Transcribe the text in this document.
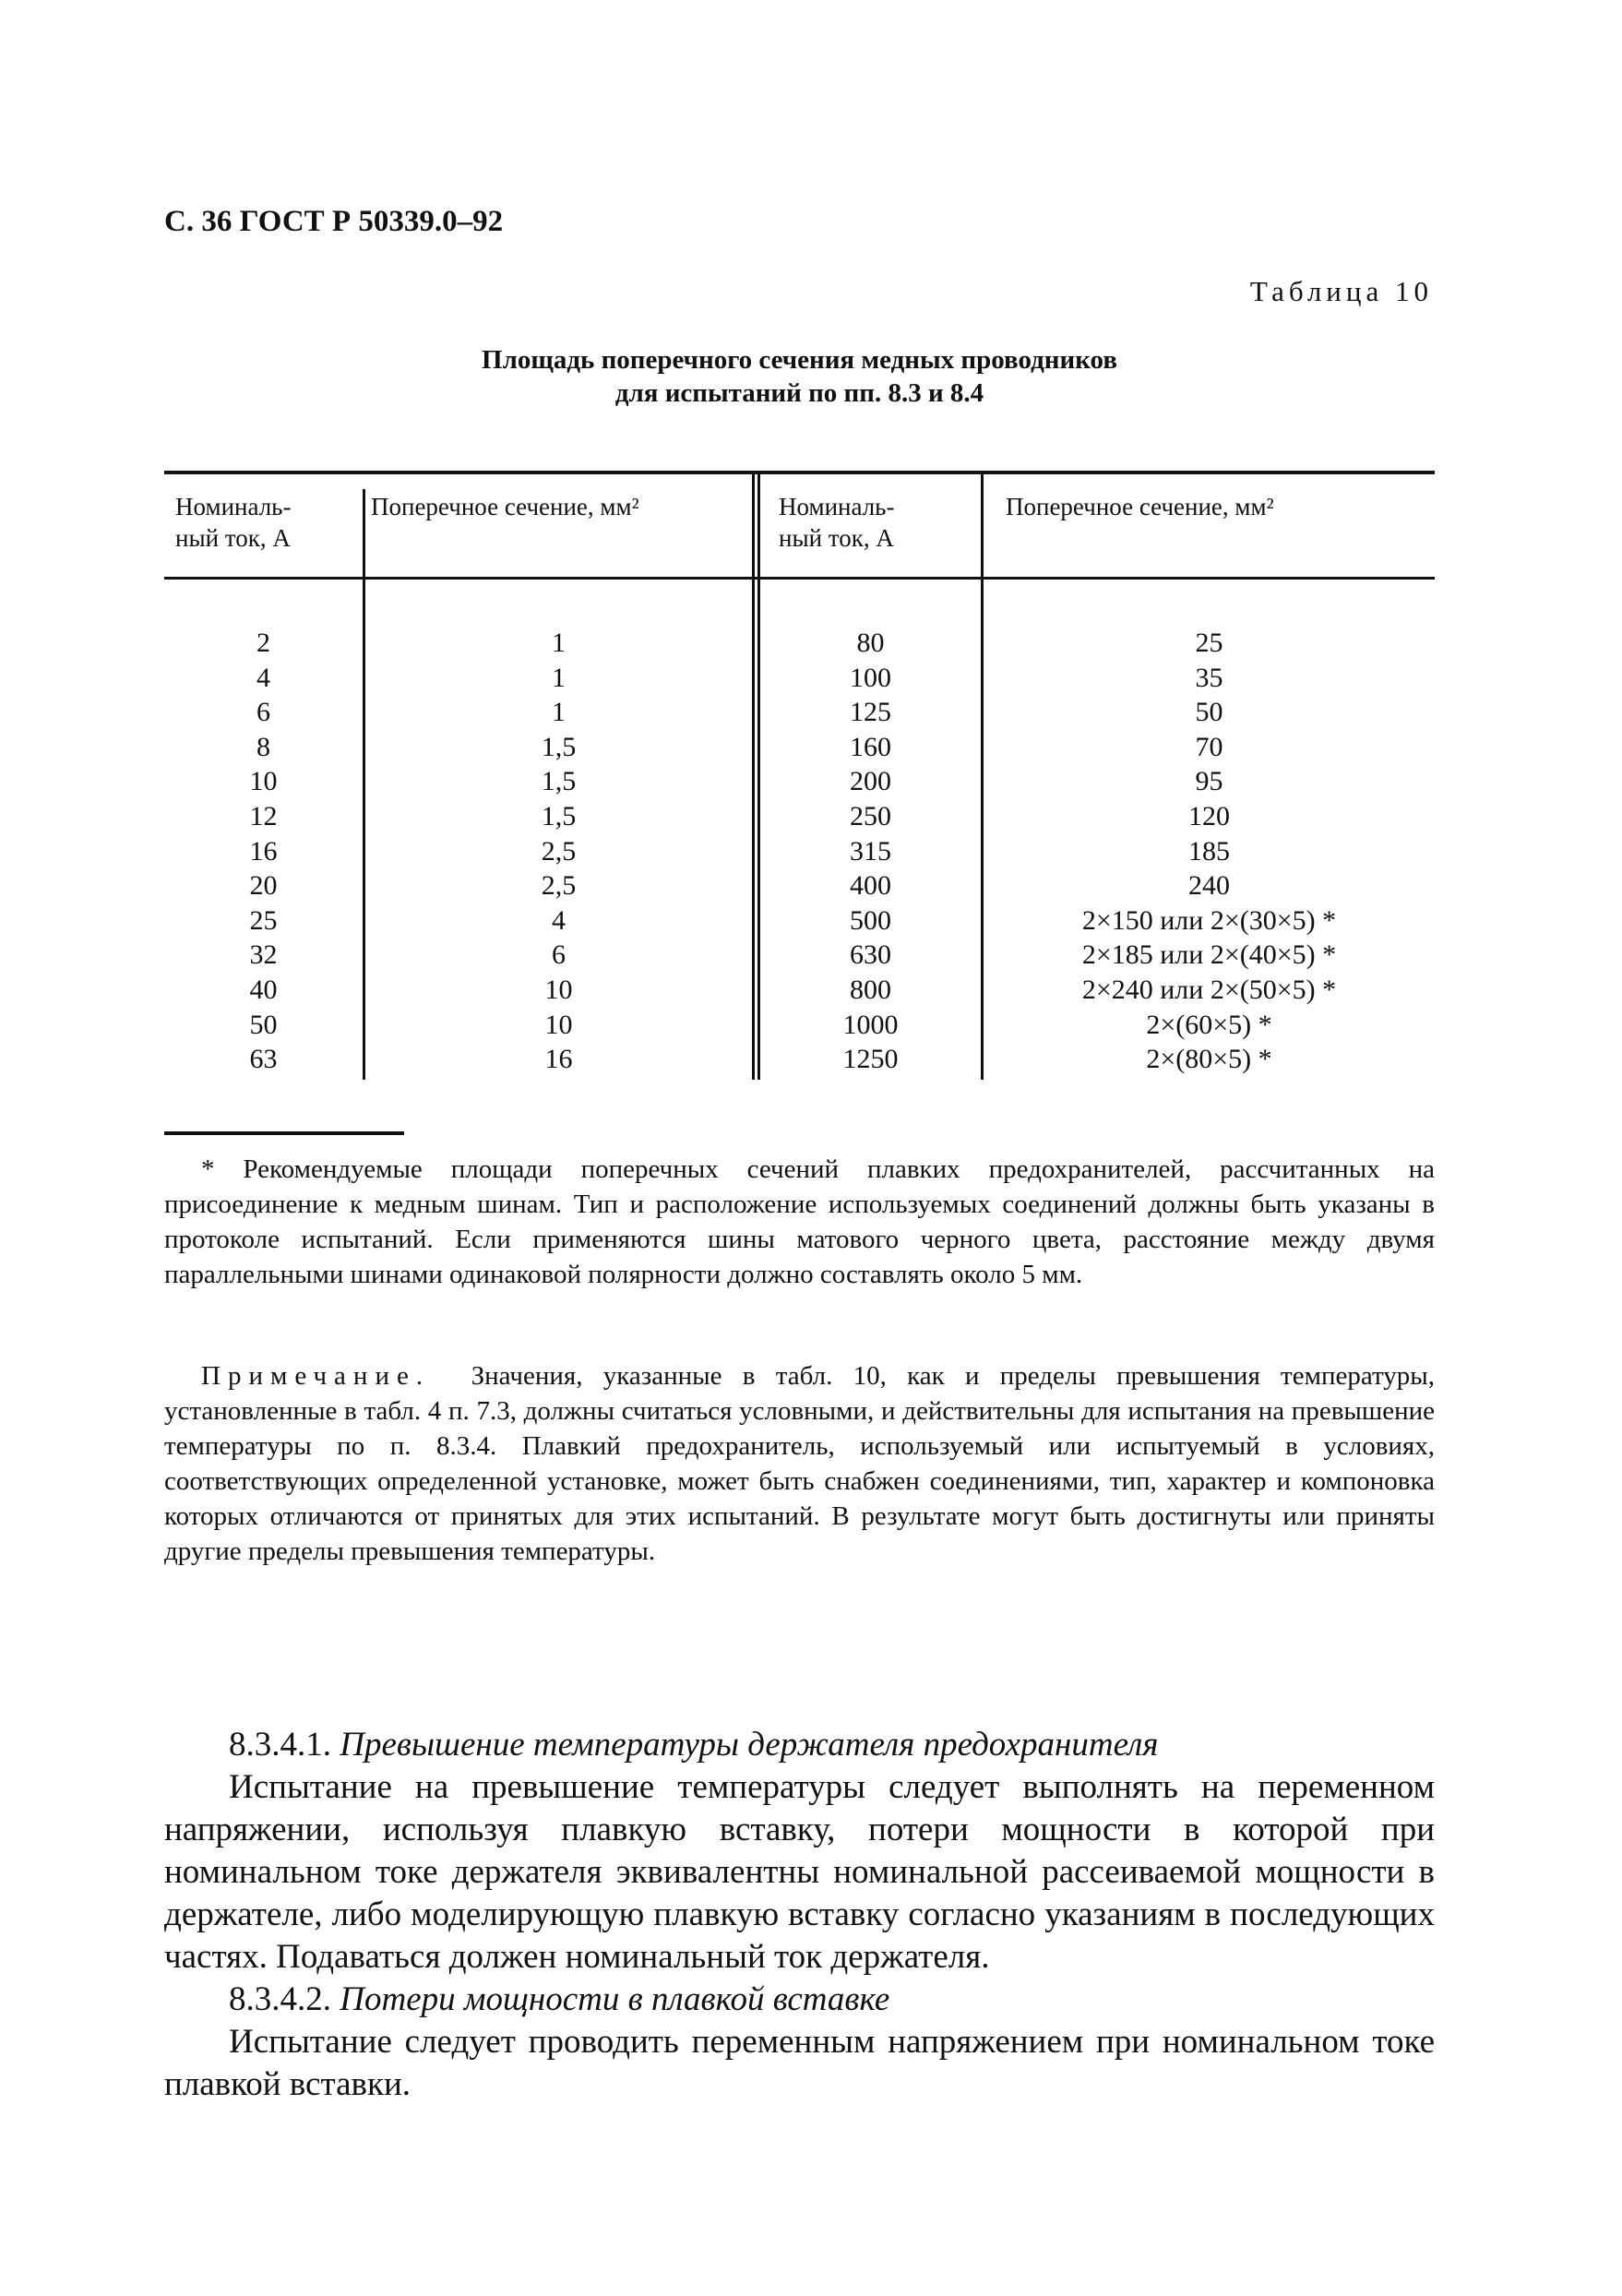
С. 36 ГОСТ Р 50339.0–92
Таблица 10
Площадь поперечного сечения медных проводников
для испытаний по пп. 8.3 и 8.4
Номиналь-
ный ток, А
Поперечное сечение, мм²	Номиналь-
ный ток, А
Поперечное сечение, мм²
2
4
6
8
10
12
16
20
25
32
40
50
63
1
1
1
1,5
1,5
1,5
2,5
2,5
4
6
10
10
16
80
100
125
160
200
250
315
400
500
630
800
1000
1250
25
35
50
70
95
120
185
240
2×150 или 2×(30×5) *
2×185 или 2×(40×5) *
2×240 или 2×(50×5) *
2×(60×5) *
2×(80×5) *
* Рекомендуемые площади поперечных сечений плавких предохранителей, рассчитанных на присоединение к медным шинам. Тип и расположение используемых соединений должны быть указаны в протоколе испытаний. Если применяются шины матового черного цвета, расстояние между двумя параллельными шинами одинаковой полярности должно составлять около 5 мм.
Примечание. Значения, указанные в табл. 10, как и пределы превышения температуры, установленные в табл. 4 п. 7.3, должны считаться условными, и действительны для испытания на превышение температуры по п. 8.3.4. Плавкий предохранитель, используемый или испытуемый в условиях, соответствующих определенной установке, может быть снабжен соединениями, тип, характер и компоновка которых отличаются от принятых для этих испытаний. В результате могут быть достигнуты или приняты другие пределы превышения температуры.

8.3.4.1. Превышение температуры держателя предохранителя

Испытание на превышение температуры следует выполнять на переменном напряжении, используя плавкую вставку, потери мощности в которой при номинальном токе держателя эквивалентны номинальной рассеиваемой мощности в держателе, либо моделирующую плавкую вставку согласно указаниям в последующих частях. Подаваться должен номинальный ток держателя.

8.3.4.2. Потери мощности в плавкой вставке

Испытание следует проводить переменным напряжением при номинальном токе плавкой вставки.
